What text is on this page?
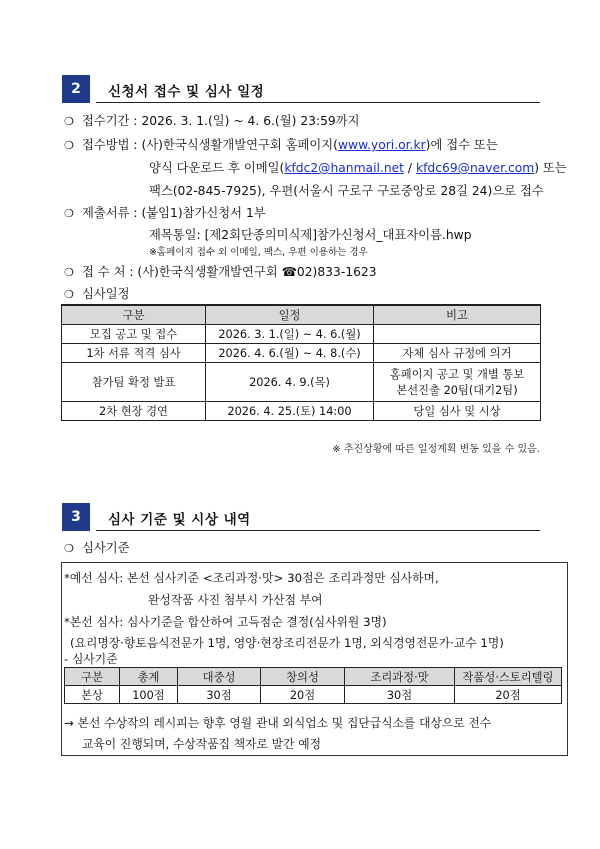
2	신청서 접수 및 심사 일정
❍ 접수기간 : 2026. 3. 1.(일) ~ 4. 6.(월) 23:59까지
❍ 접수방법 : (사)한국식생활개발연구회 홈페이지(www.yori.or.kr)에 접수 또는
양식 다운로드 후 이메일(kfdc2@hanmail.net / kfdc69@naver.com) 또는
팩스(02-845-7925), 우편(서울시 구로구 구로중앙로 28길 24)으로 접수
❍ 제출서류 : (붙임1)참가신청서 1부
제목통일: [제2회단종의미식제]참가신청서_대표자이름.hwp
※홈페이지 접수 외 이메일, 팩스, 우편 이용하는 경우
❍ 접 수 처 : (사)한국식생활개발연구회 ☎02)833-1623
❍ 심사일정
구분	일정	비고
모집 공고 및 접수	2026. 3. 1.(일) ~ 4. 6.(월)	
1차 서류 적격 심사	2026. 4. 6.(월) ~ 4. 8.(수)	자체 심사 규정에 의거
참가팀 확정 발표	2026. 4. 9.(목)	홈페이지 공고 및 개별 통보
본선진출 20팀(대기2팀)

2차 현장 경연	2026. 4. 25.(토) 14:00	당일 심사 및 시상
※ 추진상황에 따른 일정계획 변동 있을 수 있음.
3	심사 기준 및 시상 내역
❍ 심사기준
*예선 심사: 본선 심사기준 <조리과정·맛> 30점은 조리과정만 심사하며,
완성작품 사진 첨부시 가산점 부여
*본선 심사: 심사기준을 합산하여 고득점순 결정(심사위원 3명)
(요리명장·향토음식전문가 1명, 영양·현장조리전문가 1명, 외식경영전문가·교수 1명)
- 심사기준
구분	총계	대중성	창의성	조리과정·맛	작품성·스토리텔링
본상	100점	30점	20점	30점	20점
→ 본선 수상작의 레시피는 향후 영월 관내 외식업소 및 집단급식소를 대상으로 전수
교육이 진행되며, 수상작품집 책자로 발간 예정
